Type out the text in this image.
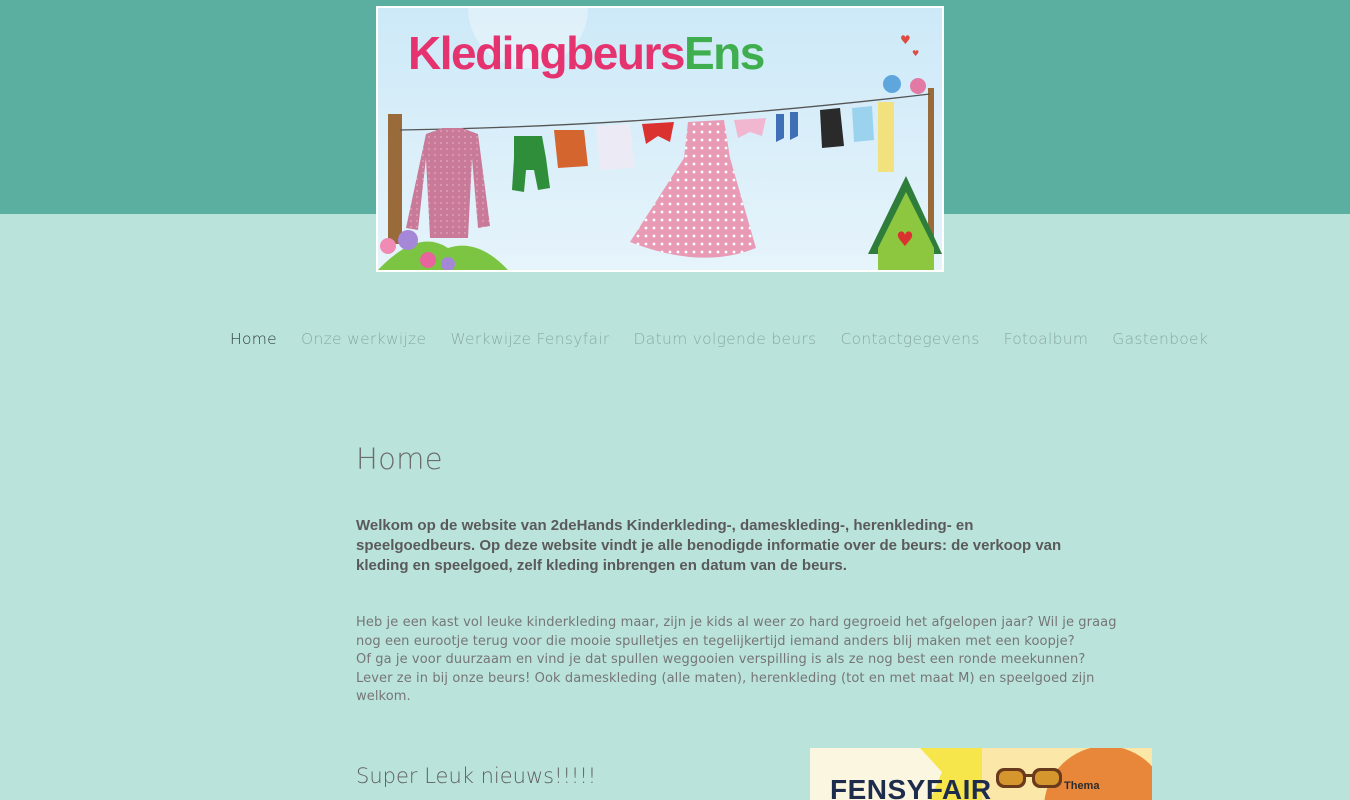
♥
♥
♥
KledingbeursEns
Home Onze werkwijze Werkwijze Fensyfair Datum volgende beurs Contactgegevens Fotoalbum Gastenboek
Home

Welkom op de website van 2deHands Kinderkleding-, dameskleding-, herenkleding- en speelgoedbeurs. Op deze website vindt je alle benodigde informatie over de beurs: de verkoop van kleding en speelgoed, zelf kleding inbrengen en datum van de beurs.

Heb je een kast vol leuke kinderkleding maar, zijn je kids al weer zo hard gegroeid het afgelopen jaar? Wil je graag

nog een eurootje terug voor die mooie spulletjes en tegelijkertijd iemand anders blij maken met een koopje?

Of ga je voor duurzaam en vind je dat spullen weggooien verspilling is als ze nog best een ronde meekunnen?

Lever ze in bij onze beurs! Ook dameskleding (alle maten), herenkleding (tot en met maat M) en speelgoed zijn

welkom.

Super Leuk nieuws!!!!!	FENSYFAIR	Thema
